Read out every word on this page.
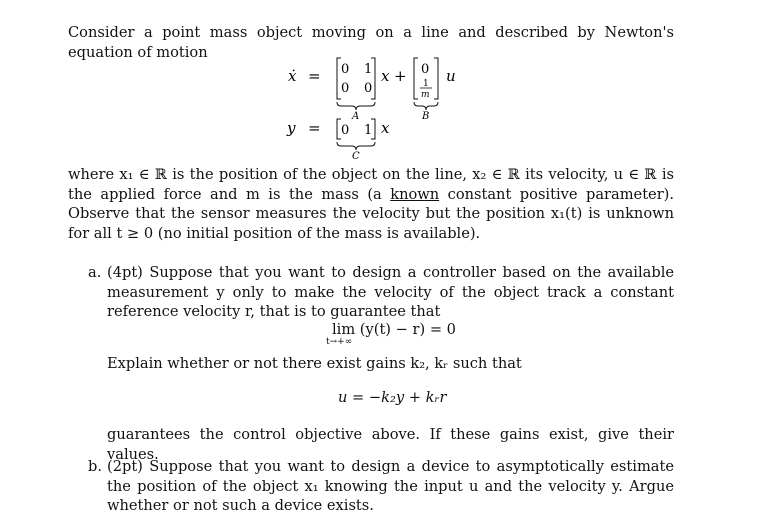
Consider a point mass object moving on a line and described by Newton's equation of motion
ẋ = 0 1
0 0
A
x + 0
1
m
B
u
y = 0 1
C
x
where x₁ ∈ ℝ is the position of the object on the line, x₂ ∈ ℝ its velocity, u ∈ ℝ is the applied force and m is the mass (a known constant positive parameter). Observe that the sensor measures the velocity but the position x₁(t) is unknown for all t ≥ 0 (no initial position of the mass is available).
a. (4pt) Suppose that you want to design a controller based on the available measurement y only to make the velocity of the object track a constant reference velocity r, that is to guarantee that
lim (y(t) − r) = 0
t→+∞
Explain whether or not there exist gains k₂, kᵣ such that
u = −k₂y + kᵣr
guarantees the control objective above. If these gains exist, give their values.
b. (2pt) Suppose that you want to design a device to asymptotically estimate the position of the object x₁ knowing the input u and the velocity y. Argue whether or not such a device exists.
